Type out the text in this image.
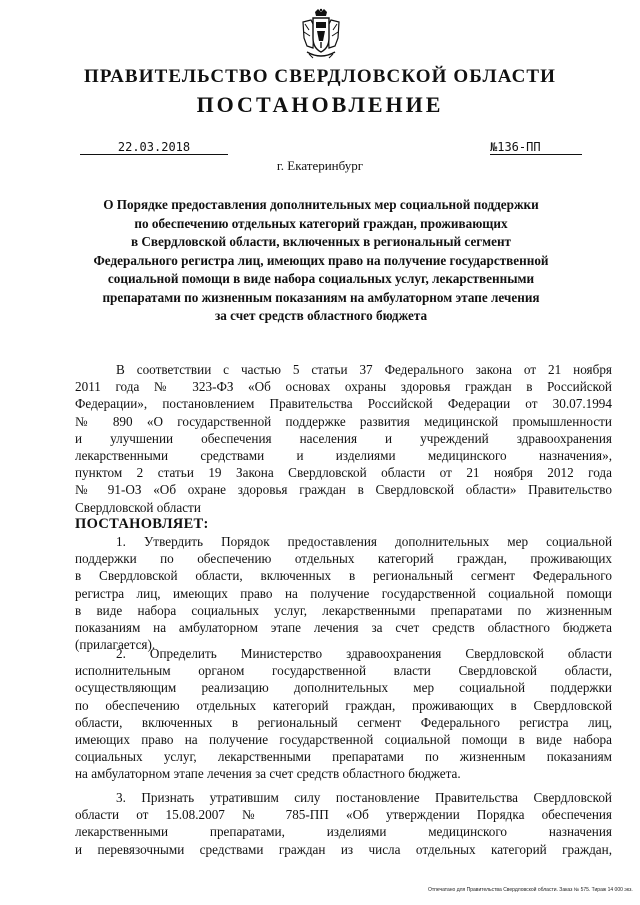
ПРАВИТЕЛЬСТВО СВЕРДЛОВСКОЙ ОБЛАСТИ
ПОСТАНОВЛЕНИЕ
22.03.2018	№136-ПП
г. Екатеринбург
О Порядке предоставления дополнительных мер социальной поддержки
по обеспечению отдельных категорий граждан, проживающих
в Свердловской области, включенных в региональный сегмент
Федерального регистра лиц, имеющих право на получение государственной
социальной помощи в виде набора социальных услуг, лекарственными
препаратами по жизненным показаниям на амбулаторном этапе лечения
за счет средств областного бюджета
В соответствии с частью 5 статьи 37 Федерального закона от 21 ноября
2011 года № 323-ФЗ «Об основах охраны здоровья граждан в Российской
Федерации», постановлением Правительства Российской Федерации от 30.07.1994
№ 890 «О государственной поддержке развития медицинской промышленности
и улучшении обеспечения населения и учреждений здравоохранения
лекарственными средствами и изделиями медицинского назначения»,
пунктом 2 статьи 19 Закона Свердловской области от 21 ноября 2012 года
№ 91-ОЗ «Об охране здоровья граждан в Свердловской области» Правительство
Свердловской области
ПОСТАНОВЛЯЕТ:
1. Утвердить Порядок предоставления дополнительных мер социальной
поддержки по обеспечению отдельных категорий граждан, проживающих
в Свердловской области, включенных в региональный сегмент Федерального
регистра лиц, имеющих право на получение государственной социальной помощи
в виде набора социальных услуг, лекарственными препаратами по жизненным
показаниям на амбулаторном этапе лечения за счет средств областного бюджета
(прилагается).
2. Определить Министерство здравоохранения Свердловской области
исполнительным органом государственной власти Свердловской области,
осуществляющим реализацию дополнительных мер социальной поддержки
по обеспечению отдельных категорий граждан, проживающих в Свердловской
области, включенных в региональный сегмент Федерального регистра лиц,
имеющих право на получение государственной социальной помощи в виде набора
социальных услуг, лекарственными препаратами по жизненным показаниям
на амбулаторном этапе лечения за счет средств областного бюджета.
3. Признать утратившим силу постановление Правительства Свердловской
области от 15.08.2007 № 785-ПП «Об утверждении Порядка обеспечения
лекарственными препаратами, изделиями медицинского назначения
и перевязочными средствами граждан из числа отдельных категорий граждан,
Отпечатано для Правительства Свердловской области. Заказ № 575. Тираж 14 000 экз.
